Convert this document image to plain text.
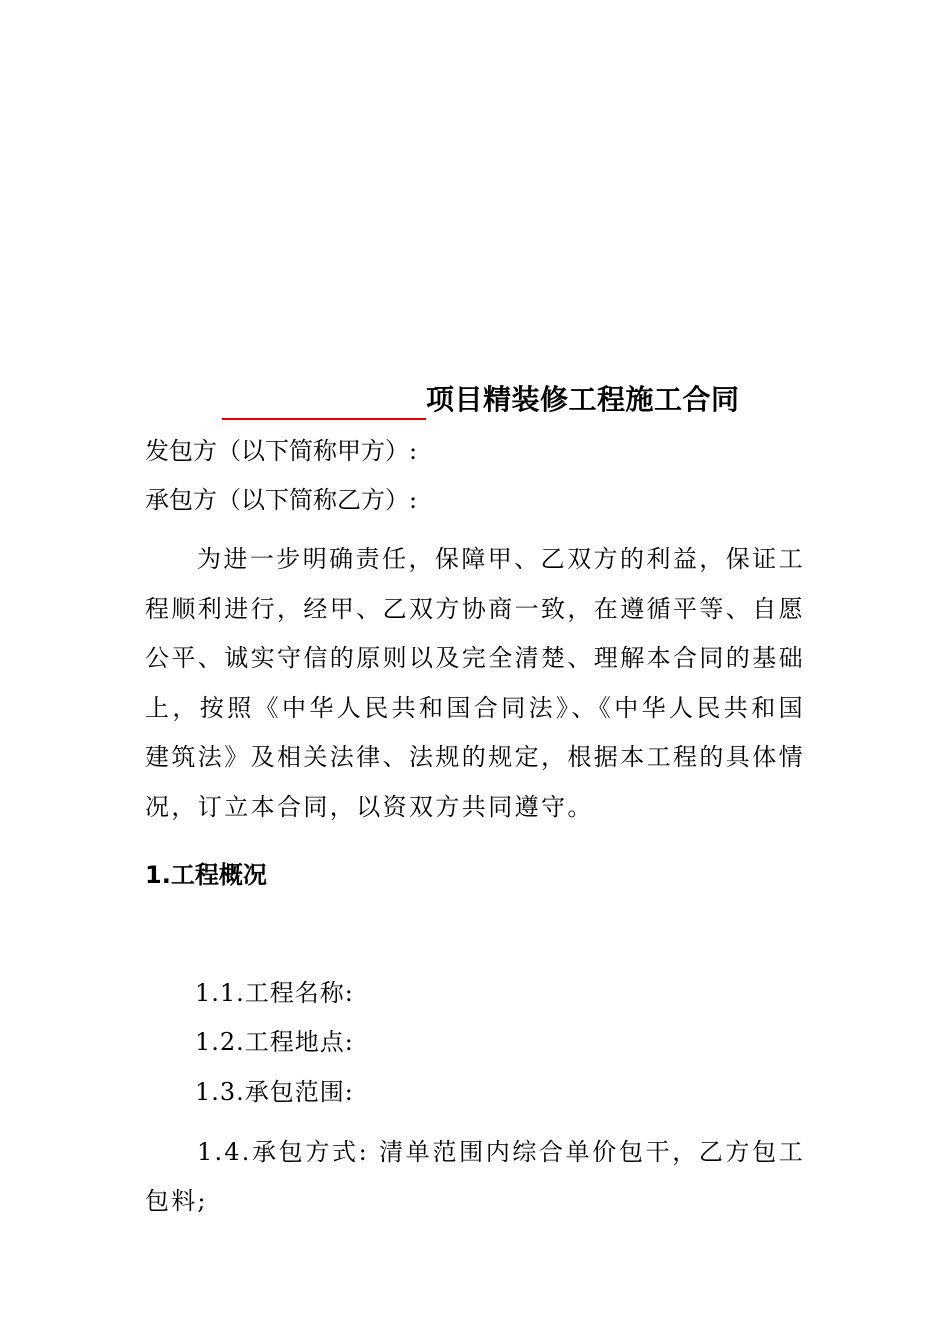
项目精装修工程施工合同
发包方（以下简称甲方）:
承包方（以下简称乙方）:
为进一步明确责任，保障甲、乙双方的利益，保证工程顺利进行，经甲、乙双方协商一致，在遵循平等、自愿公平、诚实守信的原则以及完全清楚、理解本合同的基础上，按照《中华人民共和国合同法》、《中华人民共和国建筑法》及相关法律、法规的规定，根据本工程的具体情况，订立本合同，以资双方共同遵守。
1.工程概况
1.1.工程名称:
1.2.工程地点:
1.3.承包范围:
1.4.承包方式: 清单范围内综合单价包干，乙方包工包料;
